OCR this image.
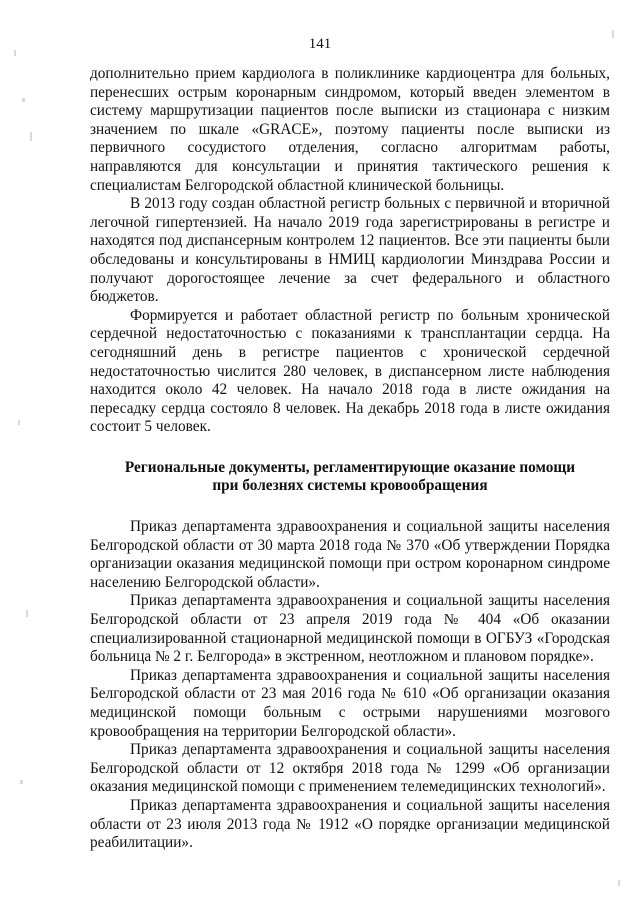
141

дополнительно прием кардиолога в поликлинике кардиоцентра для больных, перенесших острым коронарным синдромом, который введен элементом в систему маршрутизации пациентов после выписки из стационара с низким значением по шкале «GRACE», поэтому пациенты после выписки из первичного сосудистого отделения, согласно алгоритмам работы, направляются для консультации и принятия тактического решения к специалистам Белгородской областной клинической больницы.

В 2013 году создан областной регистр больных с первичной и вторичной легочной гипертензией. На начало 2019 года зарегистрированы в регистре и находятся под диспансерным контролем 12 пациентов. Все эти пациенты были обследованы и консультированы в НМИЦ кардиологии Минздрава России и получают дорогостоящее лечение за счет федерального и областного бюджетов.

Формируется и работает областной регистр по больным хронической сердечной недостаточностью с показаниями к трансплантации сердца. На сегодняшний день в регистре пациентов с хронической сердечной недостаточностью числится 280 человек, в диспансерном листе наблюдения находится около 42 человек. На начало 2018 года в листе ожидания на пересадку сердца состояло 8 человек. На декабрь 2018 года в листе ожидания состоит 5 человек.

Региональные документы, регламентирующие оказание помощи
при болезнях системы кровообращения

Приказ департамента здравоохранения и социальной защиты населения Белгородской области от 30 марта 2018 года № 370 «Об утверждении Порядка организации оказания медицинской помощи при остром коронарном синдроме населению Белгородской области».

Приказ департамента здравоохранения и социальной защиты населения Белгородской области от 23 апреля 2019 года № 404 «Об оказании специализированной стационарной медицинской помощи в ОГБУЗ «Городская больница № 2 г. Белгорода» в экстренном, неотложном и плановом порядке».

Приказ департамента здравоохранения и социальной защиты населения Белгородской области от 23 мая 2016 года № 610 «Об организации оказания медицинской помощи больным с острыми нарушениями мозгового кровообращения на территории Белгородской области».

Приказ департамента здравоохранения и социальной защиты населения Белгородской области от 12 октября 2018 года № 1299 «Об организации оказания медицинской помощи с применением телемедицинских технологий».

Приказ департамента здравоохранения и социальной защиты населения области от 23 июля 2013 года № 1912 «О порядке организации медицинской реабилитации».
